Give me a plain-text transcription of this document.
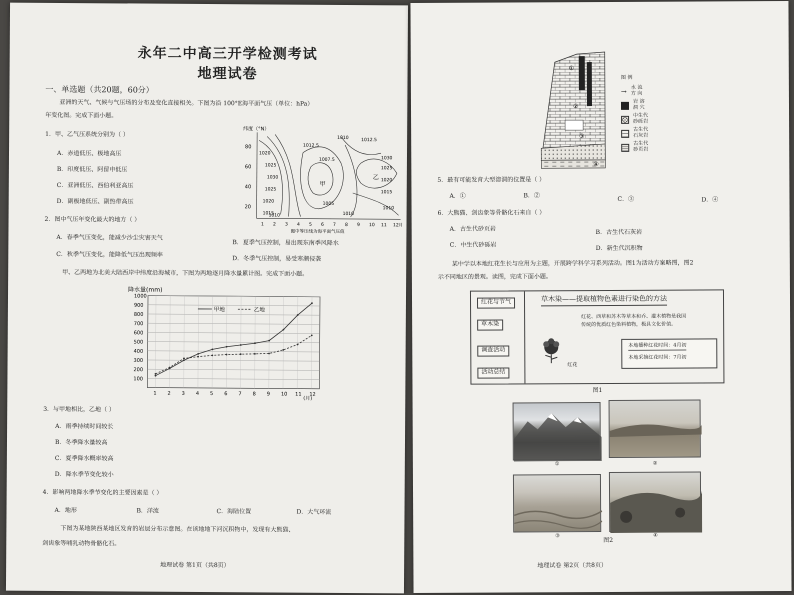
永年二中高三开学检测考试
地理试卷
一、单选题（共20题，60分）
亚洲的天气、气候与气压场的分布及变化直接相关。下图为沿 100°E海平面气压（单位：hPa）
年变化图。完成下面小题。
1．甲、乙气压系统分别为（ ）
A．赤道低压、极地高压
B．印度低压、阿留申低压
C．亚洲低压、西伯利亚高压
D．副极地低压、副热带高压
纬度（°N）
80
60
40
20
1020
1025
1030
1025
1020
1015
1012.5
1010	1012.5
1007.5
1005
1030
1025
1020
1015
1010
1010
1010
甲
乙
1 2 3 4 5 6 7 8 9 10 11 12 月
图中等压线为海平面气压值
2．图中气压年变化最大的地方（ ）
A．春季气压变化，能减少沙尘灾害天气
B．夏季气压控制，易出现东南季风降水
C．秋季气压变化，能降低气压出现频率
D．冬季气压控制，易受寒潮侵袭
甲、乙两地为北美大陆西岸中纬度沿海城市，下图为两地逐月降水量累计图。完成下面小题。
降水量(mm)
100
200
300
400
500
600
700
800
900
1000
1 2 3 4 5 6 7 8 9 10 11 12
甲地	乙地
(月)
3．与甲地相比，乙地（ ）
A．雨季持续时间较长
B．冬季降水量较高
C．夏季降水概率较高
D．降水季节变化较小
4．影响两地降水季节变化的主要因素是（ ）
A．地形	B．洋流	C．海陆位置	D．大气环流
下图为某地陕西某地区发育的岩层分布示意图。在该地地下河沉积物中，发现有大熊猫、
剑齿象等哺乳动物骨骼化石。
地理试卷 第1页（共8页）
①
②
③
④
图 例
→ 水 流
方 向
岩 溶
洞 穴
中生代
砂砾岩
古生代
石灰岩
古生代
砂页岩
5．最有可能发育大型溶洞的位置是（ ）
A．①	B．②	C．③	D．④
6．大熊猫、剑齿象等骨骼化石来自（ ）
A．古生代砂页岩	B．古生代石灰岩
C．中生代砂砾岩	D．新生代沉积物
某中学以本地红花生长与应用为主题，开展跨学科学习系列活动。图1为活动方案略图，图2
示不同地区的景观。读图，完成下面小题。
红花与节气
草木染
调查活动
活动总结
草木染——提取植物色素进行染色的方法
红花、西草和苏木等草本和乔、灌木植物是我国
传统的优质红色染料植物，极具文化价值。
红花
本地播种红花时间：4月初
本地采摘红花时间：7月初
图1
①	②
③	④
图2
地理试卷 第2页（共8页）
